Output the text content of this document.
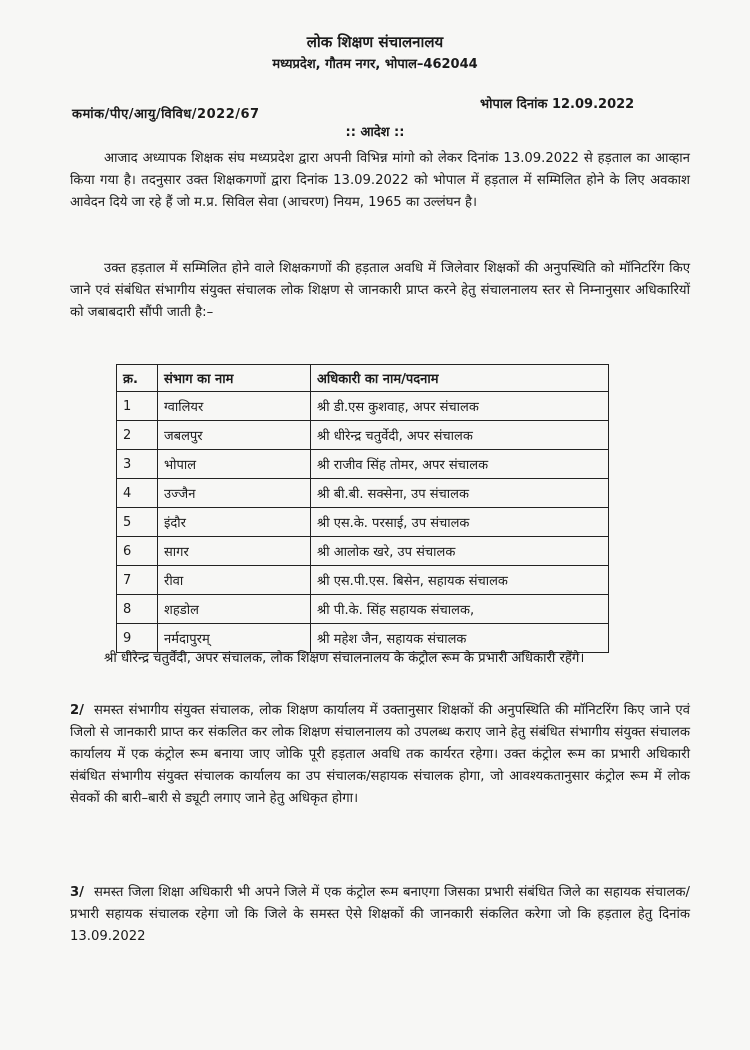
लोक शिक्षण संचालनालय
मध्यप्रदेश, गौतम नगर, भोपाल–462044
कमांक/पीए/आयु/विविध/2022/67
भोपाल दिनांक 12.09.2022
:: आदेश ::
आजाद अध्यापक शिक्षक संघ मध्यप्रदेश द्वारा अपनी विभिन्न मांगो को लेकर दिनांक 13.09.2022 से हड़ताल का आव्हान किया गया है। तदनुसार उक्त शिक्षकगणों द्वारा दिनांक 13.09.2022 को भोपाल में हड़ताल में सम्मिलित होने के लिए अवकाश आवेदन दिये जा रहे हैं जो म.प्र. सिविल सेवा (आचरण) नियम, 1965 का उल्लंघन है।
उक्त हड़ताल में सम्मिलित होने वाले शिक्षकगणों की हड़ताल अवधि में जिलेवार शिक्षकों की अनुपस्थिति को मॉनिटरिंग किए जाने एवं संबंधित संभागीय संयुक्त संचालक लोक शिक्षण से जानकारी प्राप्त करने हेतु संचालनालय स्तर से निम्नानुसार अधिकारियों को जबाबदारी सौंपी जाती है:–
क्र.	संभाग का नाम	अधिकारी का नाम/पदनाम
1	ग्वालियर	श्री डी.एस कुशवाह, अपर संचालक
2	जबलपुर	श्री धीरेन्द्र चतुर्वेदी, अपर संचालक
3	भोपाल	श्री राजीव सिंह तोमर, अपर संचालक
4	उज्जैन	श्री बी.बी. सक्सेना, उप संचालक
5	इंदौर	श्री एस.के. परसाई, उप संचालक
6	सागर	श्री आलोक खरे, उप संचालक
7	रीवा	श्री एस.पी.एस. बिसेन, सहायक संचालक
8	शहडोल	श्री पी.के. सिंह सहायक संचालक,
9	नर्मदापुरम्	श्री महेश जैन, सहायक संचालक
श्री धीरेन्द्र चतुर्वेदी, अपर संचालक, लोक शिक्षण संचालनालय के कंट्रोल रूम के प्रभारी अधिकारी रहेंगे।
2/ समस्त संभागीय संयुक्त संचालक, लोक शिक्षण कार्यालय में उक्तानुसार शिक्षकों की अनुपस्थिति की मॉनिटरिंग किए जाने एवं जिलो से जानकारी प्राप्त कर संकलित कर लोक शिक्षण संचालनालय को उपलब्ध कराए जाने हेतु संबंधित संभागीय संयुक्त संचालक कार्यालय में एक कंट्रोल रूम बनाया जाए जोकि पूरी हड़ताल अवधि तक कार्यरत रहेगा। उक्त कंट्रोल रूम का प्रभारी अधिकारी संबंधित संभागीय संयुक्त संचालक कार्यालय का उप संचालक/सहायक संचालक होगा, जो आवश्यकतानुसार कंट्रोल रूम में लोक सेवकों की बारी–बारी से ड्यूटी लगाए जाने हेतु अधिकृत होगा।
3/ समस्त जिला शिक्षा अधिकारी भी अपने जिले में एक कंट्रोल रूम बनाएगा जिसका प्रभारी संबंधित जिले का सहायक संचालक/प्रभारी सहायक संचालक रहेगा जो कि जिले के समस्त ऐसे शिक्षकों की जानकारी संकलित करेगा जो कि हड़ताल हेतु दिनांक 13.09.2022
